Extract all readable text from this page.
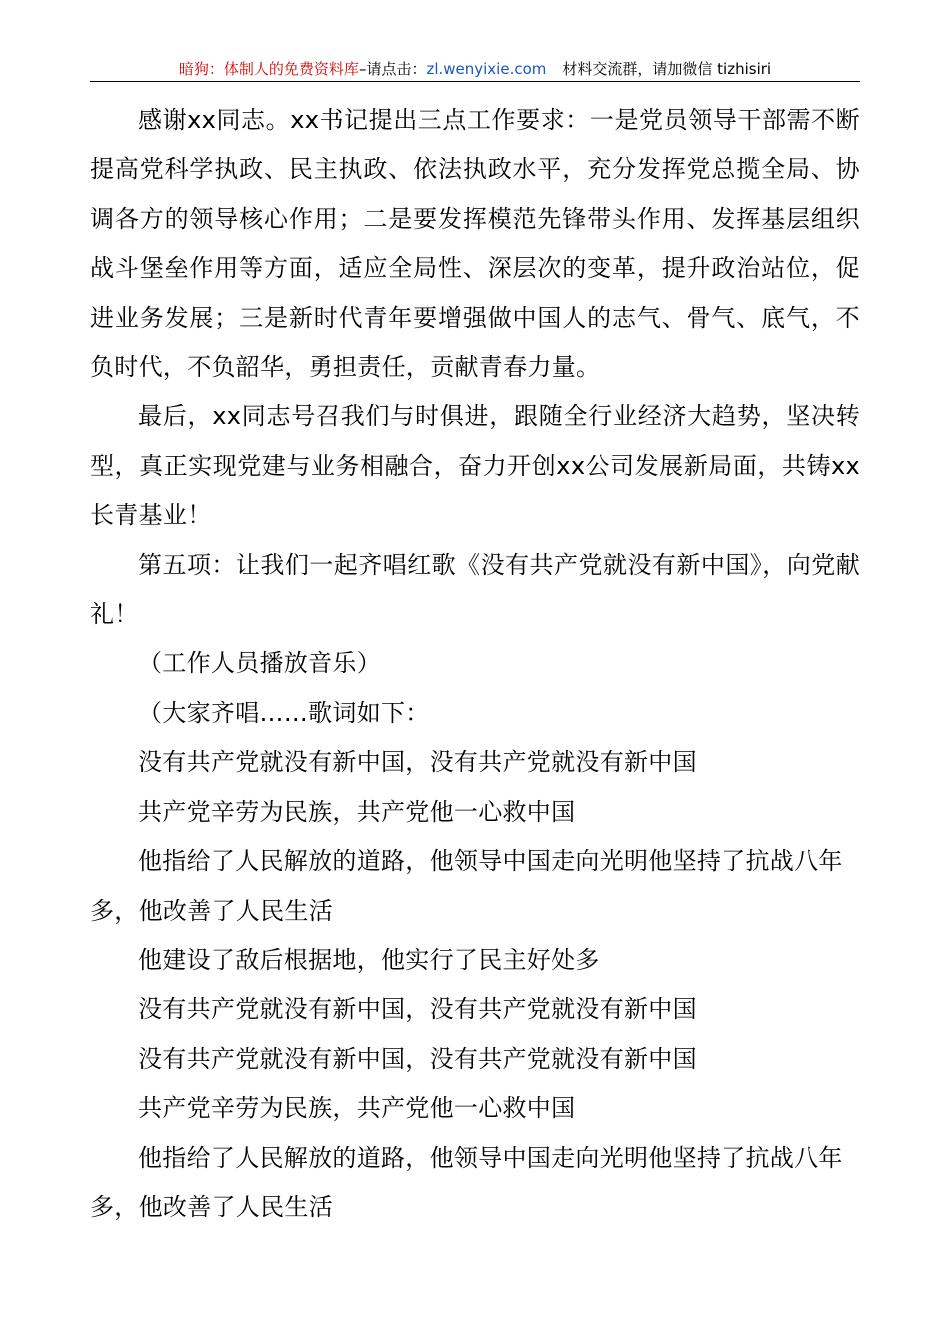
暗狗：体制人的免费资料库–请点击：zl.wenyixie.com 材料交流群，请加微信 tizhisiri

感谢xx同志。xx书记提出三点工作要求：一是党员领导干部需不断提高党科学执政、民主执政、依法执政水平，充分发挥党总揽全局、协调各方的领导核心作用；二是要发挥模范先锋带头作用、发挥基层组织战斗堡垒作用等方面，适应全局性、深层次的变革，提升政治站位，促进业务发展；三是新时代青年要增强做中国人的志气、骨气、底气，不负时代，不负韶华，勇担责任，贡献青春力量。

最后，xx同志号召我们与时俱进，跟随全行业经济大趋势，坚决转型，真正实现党建与业务相融合，奋力开创xx公司发展新局面，共铸xx长青基业！

第五项：让我们一起齐唱红歌《没有共产党就没有新中国》，向党献礼！

（工作人员播放音乐）

（大家齐唱……歌词如下：

没有共产党就没有新中国，没有共产党就没有新中国

共产党辛劳为民族，共产党他一心救中国

他指给了人民解放的道路，他领导中国走向光明他坚持了抗战八年多，他改善了人民生活

他建设了敌后根据地，他实行了民主好处多

没有共产党就没有新中国，没有共产党就没有新中国

没有共产党就没有新中国，没有共产党就没有新中国

共产党辛劳为民族，共产党他一心救中国

他指给了人民解放的道路，他领导中国走向光明他坚持了抗战八年多，他改善了人民生活
